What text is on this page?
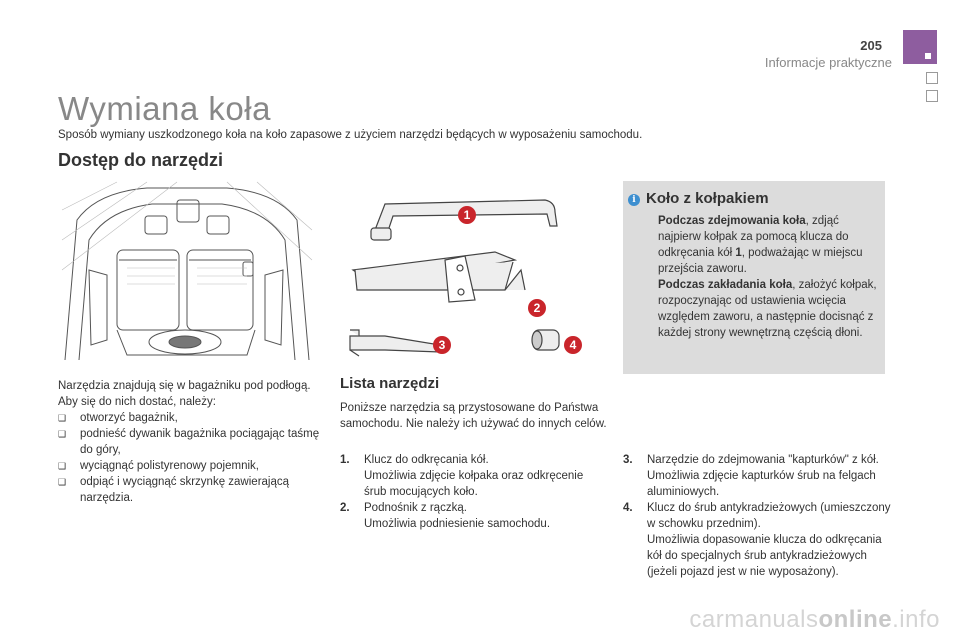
205
Informacje praktyczne
Wymiana koła
Sposób wymiany uszkodzonego koła na koło zapasowe z użyciem narzędzi będących w wyposażeniu samochodu.
Dostęp do narzędzi
1
2
3	4

Narzędzia znajdują się w bagażniku pod podłogą.

Aby się do nich dostać, należy:

❑	otworzyć bagażnik,
❑	podnieść dywanik bagażnika pociągając taśmę do góry,
❑	wyciągnąć polistyrenowy pojemnik,
❑	odpiąć i wyciągnąć skrzynkę zawierającą narzędzia.
Lista narzędzi
Poniższe narzędzia są przystosowane do Państwa samochodu. Nie należy ich używać do innych celów.
1. Klucz do odkręcania kół.
Umożliwia zdjęcie kołpaka oraz odkręcenie śrub mocujących koło.
2. Podnośnik z rączką.
Umożliwia podniesienie samochodu.
3. Narzędzie do zdejmowania "kapturków" z kół.
Umożliwia zdjęcie kapturków śrub na felgach aluminiowych.
4. Klucz do śrub antykradzieżowych (umieszczony w schowku przednim).
Umożliwia dopasowanie klucza do odkręcania kół do specjalnych śrub antykradzieżowych (jeżeli pojazd jest w nie wyposażony).
i Koło z kołpakiem

Podczas zdejmowania koła, zdjąć najpierw kołpak za pomocą klucza do odkręcania kół 1, podważając w miejscu przejścia zaworu.

Podczas zakładania koła, założyć kołpak, rozpoczynając od ustawienia wcięcia względem zaworu, a następnie docisnąć z każdej strony wewnętrzną częścią dłoni.

carmanualsonline.info
